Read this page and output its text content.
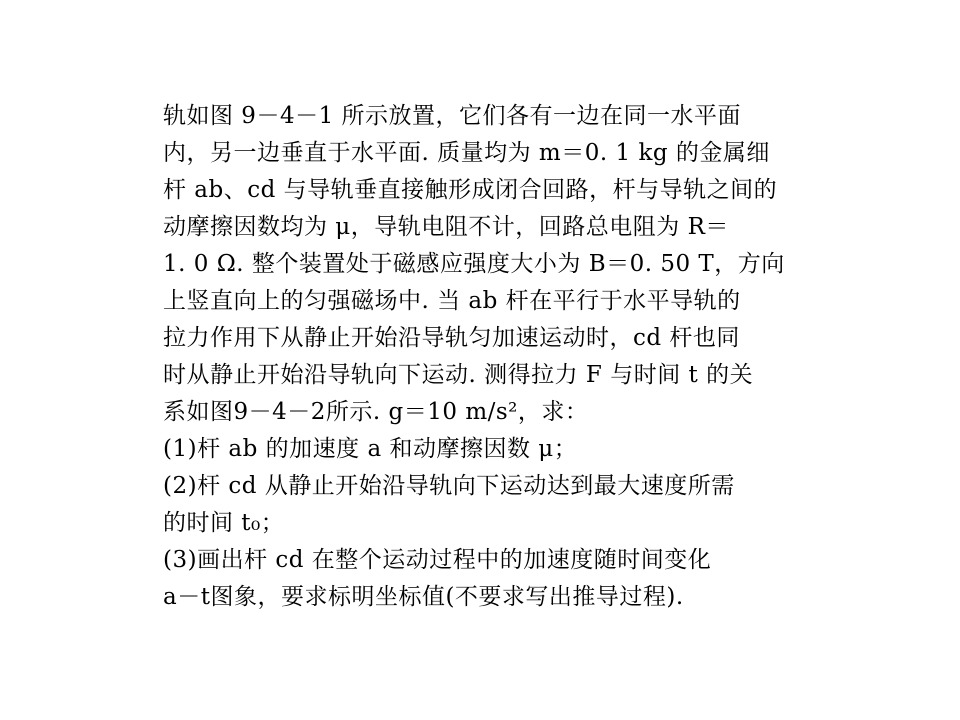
轨如图 9－4－1 所示放置，它们各有一边在同一水平面
内，另一边垂直于水平面. 质量均为 m＝0. 1 kg 的金属细
杆 ab、cd 与导轨垂直接触形成闭合回路，杆与导轨之间的
动摩擦因数均为 μ，导轨电阻不计，回路总电阻为 R＝
1. 0 Ω. 整个装置处于磁感应强度大小为 B＝0. 50 T，方向
上竖直向上的匀强磁场中. 当 ab 杆在平行于水平导轨的
拉力作用下从静止开始沿导轨匀加速运动时，cd 杆也同
时从静止开始沿导轨向下运动. 测得拉力 F 与时间 t 的关
系如图9－4－2所示. g＝10 m/s²，求：
(1)杆 ab 的加速度 a 和动摩擦因数 μ；
(2)杆 cd 从静止开始沿导轨向下运动达到最大速度所需
的时间 t₀；
(3)画出杆 cd 在整个运动过程中的加速度随时间变化
a－t图象，要求标明坐标值(不要求写出推导过程).
